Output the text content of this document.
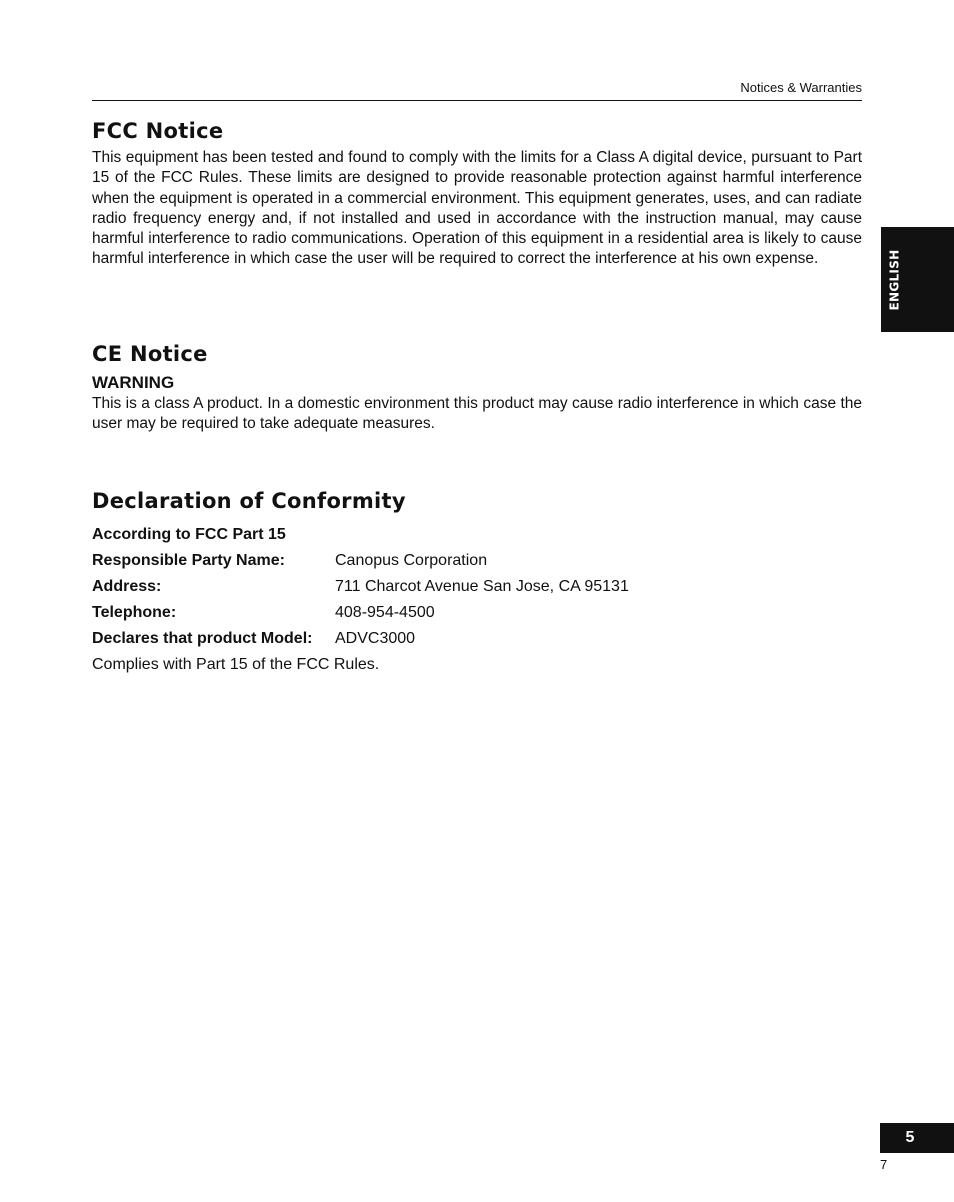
Notices & Warranties
ENGLISH
FCC Notice

This equipment has been tested and found to comply with the limits for a Class A digital device, pursuant to Part 15 of the FCC Rules. These limits are designed to provide reasonable protection against harmful interference when the equipment is operated in a commercial environment. This equipment generates, uses, and can radiate radio frequency energy and, if not installed and used in accordance with the instruction manual, may cause harmful interference to radio communications. Operation of this equipment in a residential area is likely to cause harmful interference in which case the user will be required to correct the interference at his own expense.

CE Notice
WARNING

This is a class A product. In a domestic environment this product may cause radio interference in which case the user may be required to take adequate measures.

Declaration of Conformity
According to FCC Part 15
Responsible Party Name:	Canopus Corporation
Address:	711 Charcot Avenue San Jose, CA 95131
Telephone:	408-954-4500
Declares that product Model: ADVC3000
Complies with Part 15 of the FCC Rules.
5
7
